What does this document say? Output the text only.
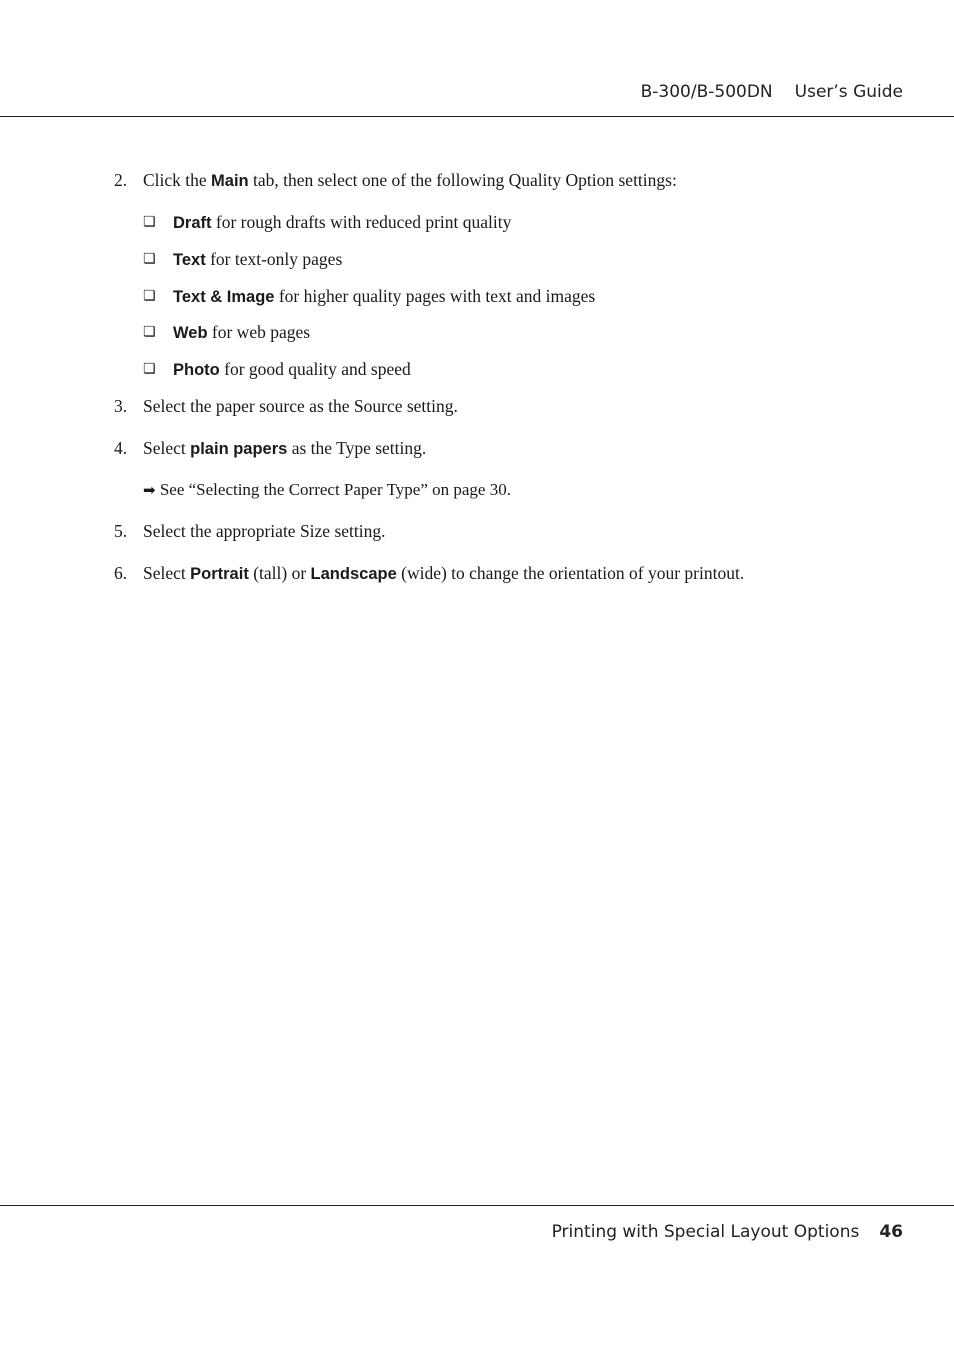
B-300/B-500DN User’s Guide
2. Click the Main tab, then select one of the following Quality Option settings:
❏ Draft for rough drafts with reduced print quality
❏ Text for text-only pages
❏ Text & Image for higher quality pages with text and images
❏ Web for web pages
❏ Photo for good quality and speed
3. Select the paper source as the Source setting.
4. Select plain papers as the Type setting.
➡ See “Selecting the Correct Paper Type” on page 30.
5. Select the appropriate Size setting.
6. Select Portrait (tall) or Landscape (wide) to change the orientation of your printout.
Printing with Special Layout Options 46
